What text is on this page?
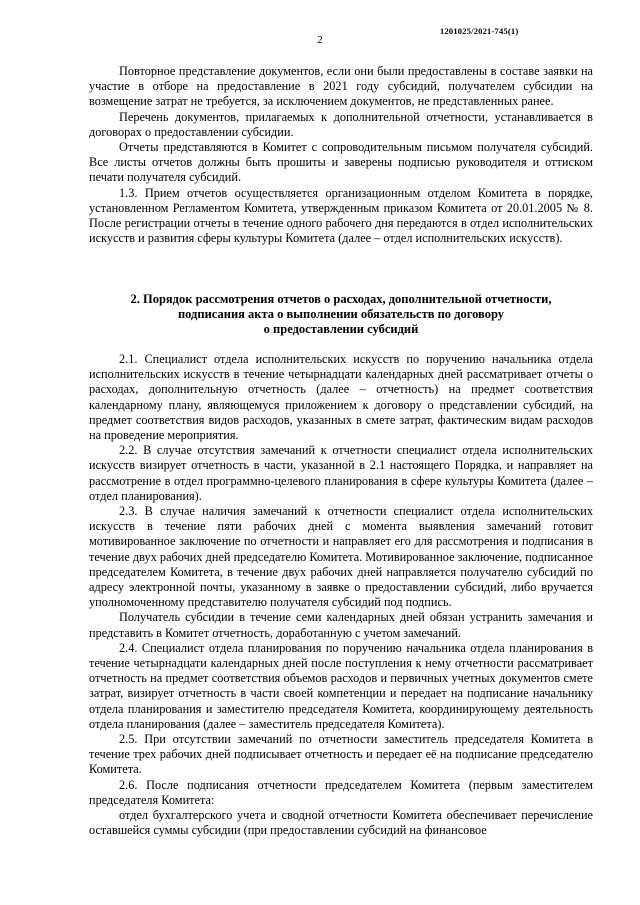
1201025/2021-745(1)
2

Повторное представление документов, если они были предоставлены в составе заявки на участие в отборе на предоставление в 2021 году субсидий, получателем субсидии на возмещение затрат не требуется, за исключением документов, не представленных ранее.

Перечень документов, прилагаемых к дополнительной отчетности, устанавливается в договорах о предоставлении субсидии.

Отчеты представляются в Комитет с сопроводительным письмом получателя субсидий. Все листы отчетов должны быть прошиты и заверены подписью руководителя и оттиском печати получателя субсидий.

1.3. Прием отчетов осуществляется организационным отделом Комитета в порядке, установленном Регламентом Комитета, утвержденным приказом Комитета от 20.01.2005 № 8. После регистрации отчеты в течение одного рабочего дня передаются в отдел исполнительских искусств и развития сферы культуры Комитета (далее – отдел исполнительских искусств).

2. Порядок рассмотрения отчетов о расходах, дополнительной отчетности,
подписания акта о выполнении обязательств по договору
о предоставлении субсидий

2.1. Специалист отдела исполнительских искусств по поручению начальника отдела исполнительских искусств в течение четырнадцати календарных дней рассматривает отчеты о расходах, дополнительную отчетность (далее – отчетность) на предмет соответствия календарному плану, являющемуся приложением к договору о представлении субсидий, на предмет соответствия видов расходов, указанных в смете затрат, фактическим видам расходов на проведение мероприятия.

2.2. В случае отсутствия замечаний к отчетности специалист отдела исполнительских искусств визирует отчетность в части, указанной в 2.1 настоящего Порядка, и направляет на рассмотрение в отдел программно-целевого планирования в сфере культуры Комитета (далее – отдел планирования).

2.3. В случае наличия замечаний к отчетности специалист отдела исполнительских искусств в течение пяти рабочих дней с момента выявления замечаний готовит мотивированное заключение по отчетности и направляет его для рассмотрения и подписания в течение двух рабочих дней председателю Комитета. Мотивированное заключение, подписанное председателем Комитета, в течение двух рабочих дней направляется получателю субсидий по адресу электронной почты, указанному в заявке о предоставлении субсидий, либо вручается уполномоченному представителю получателя субсидий под подпись.

Получатель субсидии в течение семи календарных дней обязан устранить замечания и представить в Комитет отчетность, доработанную с учетом замечаний.

2.4. Специалист отдела планирования по поручению начальника отдела планирования в течение четырнадцати календарных дней после поступления к нему отчетности рассматривает отчетность на предмет соответствия объемов расходов и первичных учетных документов смете затрат, визирует отчетность в части своей компетенции и передает на подписание начальнику отдела планирования и заместителю председателя Комитета, координирующему деятельность отдела планирования (далее – заместитель председателя Комитета).

2.5. При отсутствии замечаний по отчетности заместитель председателя Комитета в течение трех рабочих дней подписывает отчетность и передает её на подписание председателю Комитета.

2.6. После подписания отчетности председателем Комитета (первым заместителем председателя Комитета:

отдел бухгалтерского учета и сводной отчетности Комитета обеспечивает перечисление оставшейся суммы субсидии (при предоставлении субсидий на финансовое
